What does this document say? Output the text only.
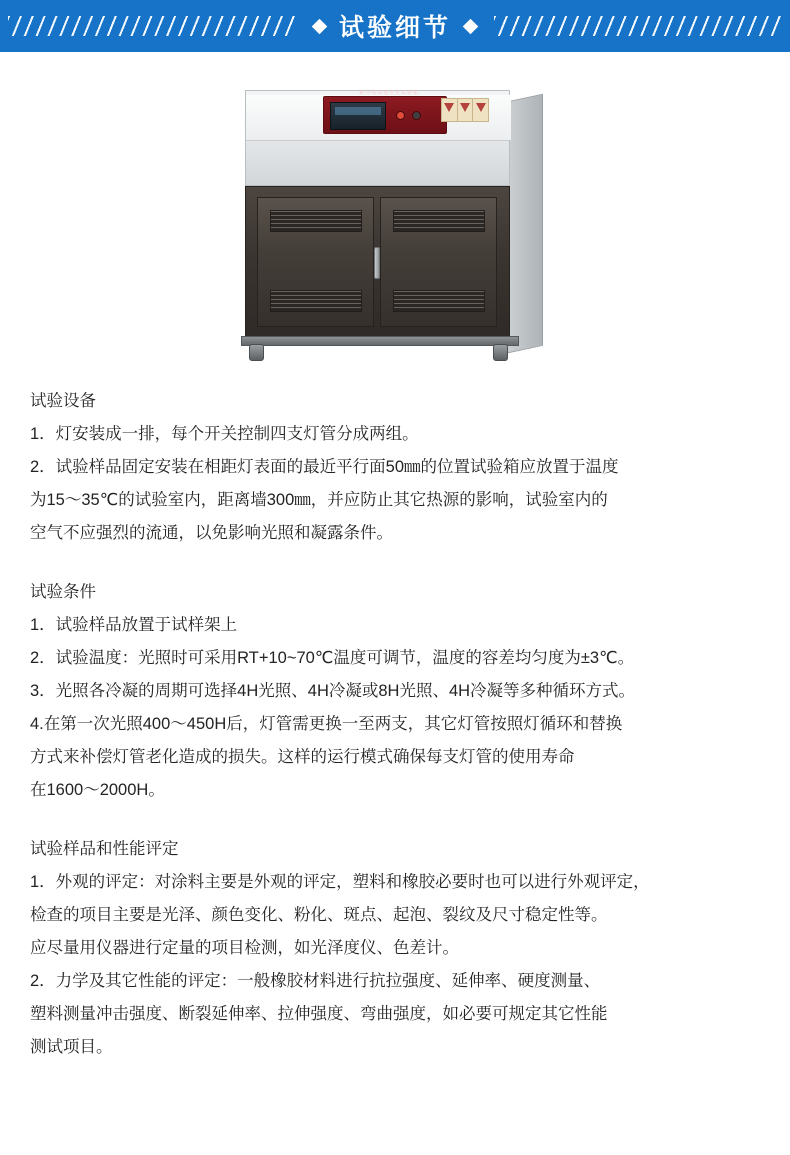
试验细节
紫外线加速老化试验箱
试验设备
1．灯安装成一排，每个开关控制四支灯管分成两组。
2．试验样品固定安装在相距灯表面的最近平行面50㎜的位置试验箱应放置于温度
为15～35℃的试验室内，距离墙300㎜，并应防止其它热源的影响，试验室内的
空气不应强烈的流通，以免影响光照和凝露条件。
试验条件
1．试验样品放置于试样架上
2．试验温度：光照时可采用RT+10~70℃温度可调节，温度的容差均匀度为±3℃。
3．光照各冷凝的周期可选择4H光照、4H冷凝或8H光照、4H冷凝等多种循环方式。
4.在第一次光照400～450H后，灯管需更换一至两支，其它灯管按照灯循环和替换
方式来补偿灯管老化造成的损失。这样的运行模式确保每支灯管的使用寿命
在1600～2000H。
试验样品和性能评定
1．外观的评定：对涂料主要是外观的评定，塑料和橡胶必要时也可以进行外观评定，
检查的项目主要是光泽、颜色变化、粉化、斑点、起泡、裂纹及尺寸稳定性等。
应尽量用仪器进行定量的项目检测，如光泽度仪、色差计。
2．力学及其它性能的评定：一般橡胶材料进行抗拉强度、延伸率、硬度测量、
塑料测量冲击强度、断裂延伸率、拉伸强度、弯曲强度，如必要可规定其它性能
测试项目。
